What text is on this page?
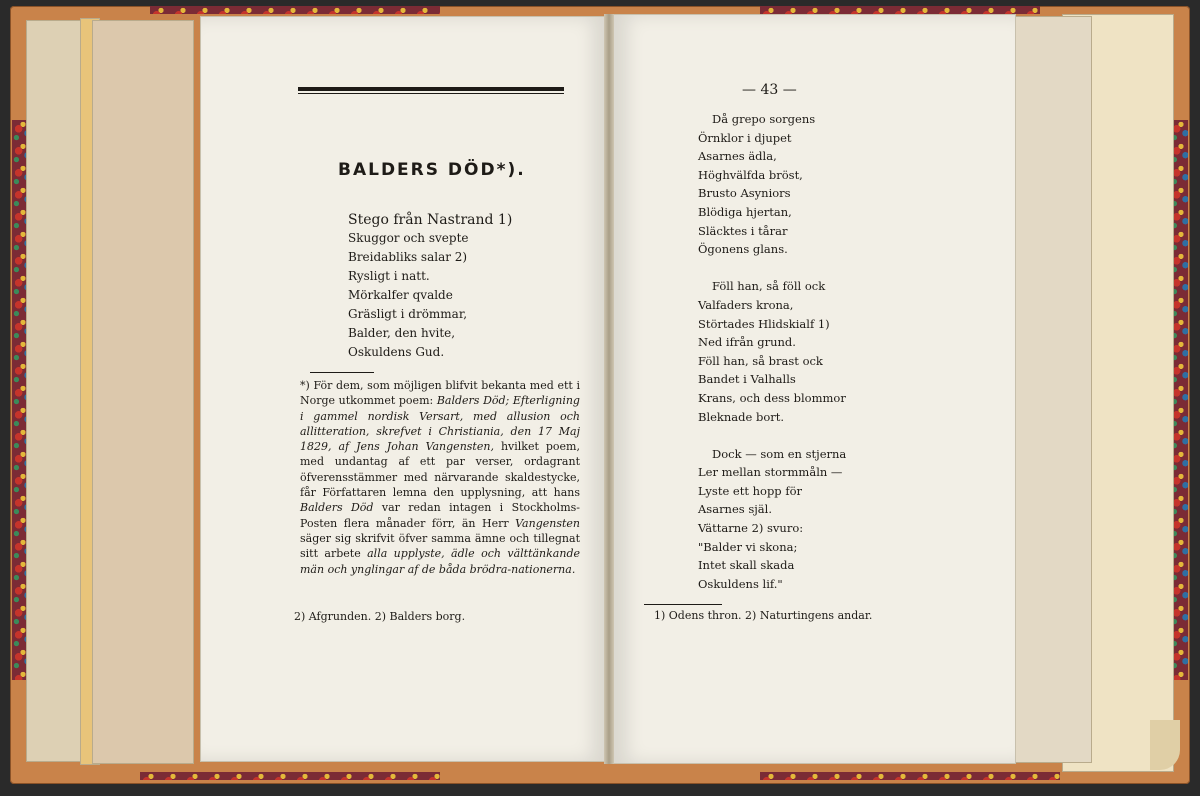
BALDERS DÖD*).
Stego från Nastrand 1)
Skuggor och svepte
Breidabliks salar 2)
Rysligt i natt.
Mörkalfer qvalde
Gräsligt i drömmar,
Balder, den hvite,
Oskuldens Gud.
*) För dem, som möjligen blifvit bekanta med ett i Norge utkommet poem: Balders Död; Efterligning i gammel nordisk Versart, med allusion och allitteration, skrefvet i Christiania, den 17 Maj 1829, af Jens Johan Vangensten, hvilket poem, med undantag af ett par verser, ordagrant öfverensstämmer med närvarande skaldestycke, får Författaren lemna den upplysning, att hans Balders Död var redan intagen i Stockholms-Posten flera månader förr, än Herr Vangensten säger sig skrifvit öfver samma ämne och tillegnat sitt arbete alla upplyste, ädle och välttänkande män och ynglingar af de båda brödra-nationerna.
2) Afgrunden. 2) Balders borg.
— 43 —
Då grepo sorgens
Örnklor i djupet
Asarnes ädla,
Höghvälfda bröst,
Brusto Asyniors
Blödiga hjertan,
Släcktes i tårar
Ögonens glans.
Föll han, så föll ock
Valfaders krona,
Störtades Hlidskialf 1)
Ned ifrån grund.
Föll han, så brast ock
Bandet i Valhalls
Krans, och dess blommor
Bleknade bort.
Dock — som en stjerna
Ler mellan stormmåln —
Lyste ett hopp för
Asarnes själ.
Vättarne 2) svuro:
"Balder vi skona;
Intet skall skada
Oskuldens lif."
1) Odens thron. 2) Naturtingens andar.
